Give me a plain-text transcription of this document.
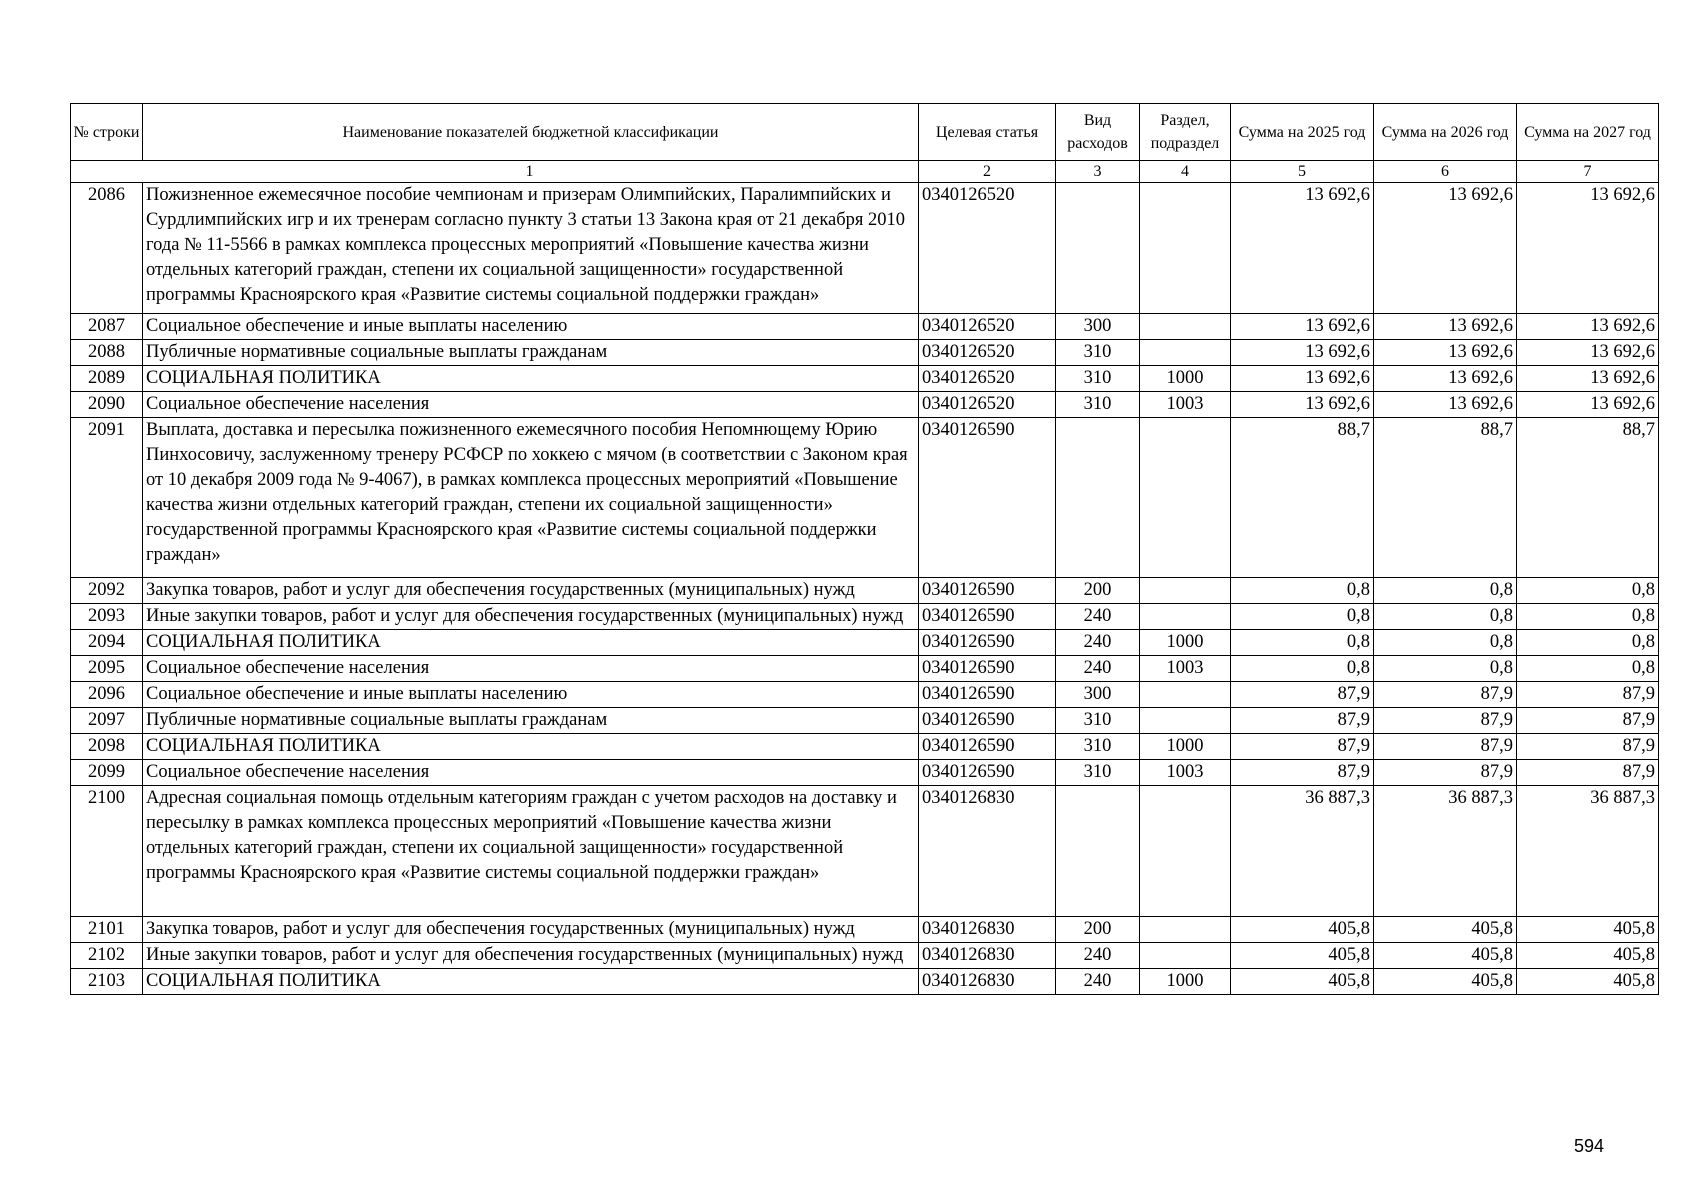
№ строки	Наименование показателей бюджетной классификации	Целевая статья	Вид расходов	Раздел, подраздел	Сумма на 2025 год	Сумма на 2026 год	Сумма на 2027 год
1		2	3	4	5	6	7
2086	Пожизненное ежемесячное пособие чемпионам и призерам Олимпийских, Паралимпийских и Сурдлимпийских игр и их тренерам согласно пункту 3 статьи 13 Закона края от 21 декабря 2010 года № 11-5566 в рамках комплекса процессных мероприятий «Повышение качества жизни отдельных категорий граждан, степени их социальной защищенности» государственной программы Красноярского края «Развитие системы социальной поддержки граждан»	0340126520			13 692,6	13 692,6	13 692,6
2087	Социальное обеспечение и иные выплаты населению	0340126520	300		13 692,6	13 692,6	13 692,6
2088	Публичные нормативные социальные выплаты гражданам	0340126520	310		13 692,6	13 692,6	13 692,6
2089	СОЦИАЛЬНАЯ ПОЛИТИКА	0340126520	310	1000	13 692,6	13 692,6	13 692,6
2090	Социальное обеспечение населения	0340126520	310	1003	13 692,6	13 692,6	13 692,6
2091	Выплата, доставка и пересылка пожизненного ежемесячного пособия Непомнющему Юрию Пинхосовичу, заслуженному тренеру РСФСР по хоккею с мячом (в соответствии с Законом края от 10 декабря 2009 года № 9-4067), в рамках комплекса процессных мероприятий «Повышение качества жизни отдельных категорий граждан, степени их социальной защищенности» государственной программы Красноярского края «Развитие системы социальной поддержки граждан»	0340126590			88,7	88,7	88,7
2092	Закупка товаров, работ и услуг для обеспечения государственных (муниципальных) нужд	0340126590	200		0,8	0,8	0,8
2093	Иные закупки товаров, работ и услуг для обеспечения государственных (муниципальных) нужд	0340126590	240		0,8	0,8	0,8
2094	СОЦИАЛЬНАЯ ПОЛИТИКА	0340126590	240	1000	0,8	0,8	0,8
2095	Социальное обеспечение населения	0340126590	240	1003	0,8	0,8	0,8
2096	Социальное обеспечение и иные выплаты населению	0340126590	300		87,9	87,9	87,9
2097	Публичные нормативные социальные выплаты гражданам	0340126590	310		87,9	87,9	87,9
2098	СОЦИАЛЬНАЯ ПОЛИТИКА	0340126590	310	1000	87,9	87,9	87,9
2099	Социальное обеспечение населения	0340126590	310	1003	87,9	87,9	87,9
2100	Адресная социальная помощь отдельным категориям граждан с учетом расходов на доставку и пересылку в рамках комплекса процессных мероприятий «Повышение качества жизни отдельных категорий граждан, степени их социальной защищенности» государственной программы Красноярского края «Развитие системы социальной поддержки граждан»	0340126830			36 887,3	36 887,3	36 887,3
2101	Закупка товаров, работ и услуг для обеспечения государственных (муниципальных) нужд	0340126830	200		405,8	405,8	405,8
2102	Иные закупки товаров, работ и услуг для обеспечения государственных (муниципальных) нужд	0340126830	240		405,8	405,8	405,8
2103	СОЦИАЛЬНАЯ ПОЛИТИКА	0340126830	240	1000	405,8	405,8	405,8
594
